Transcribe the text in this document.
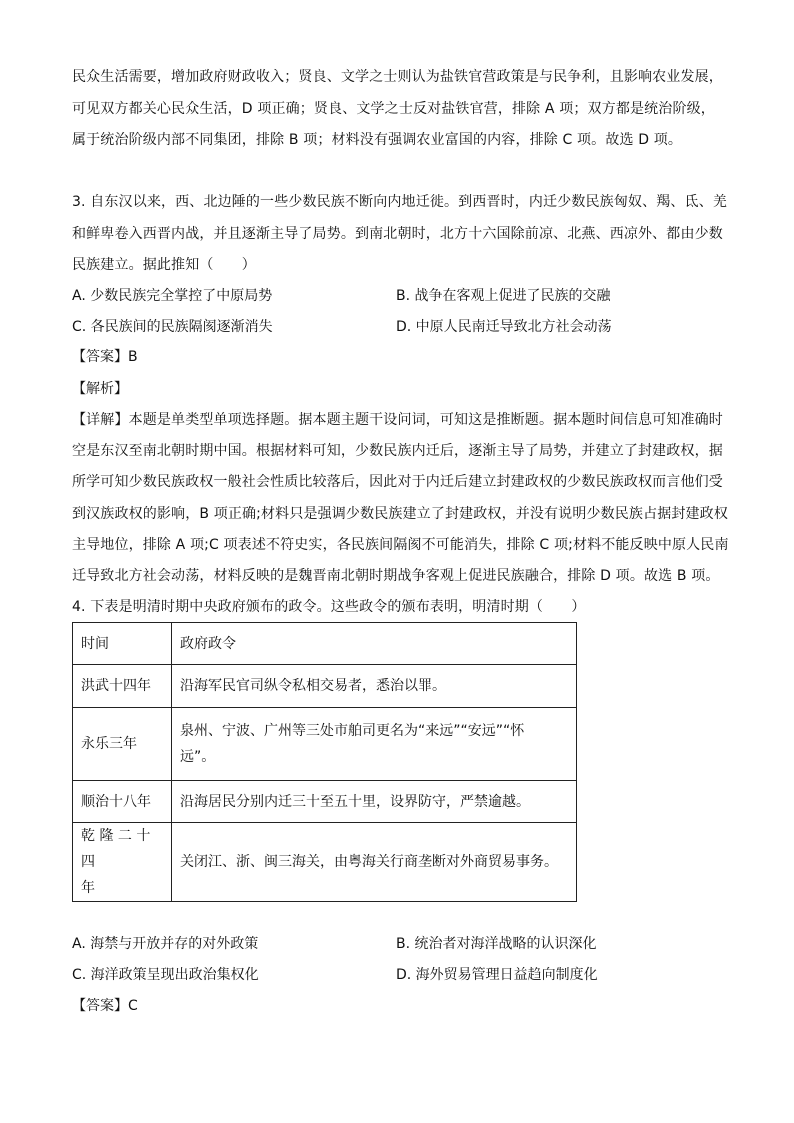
民众生活需要，增加政府财政收入；贤良、文学之士则认为盐铁官营政策是与民争利，且影响农业发展，
可见双方都关心民众生活，D 项正确；贤良、文学之士反对盐铁官营，排除 A 项；双方都是统治阶级，
属于统治阶级内部不同集团，排除 B 项；材料没有强调农业富国的内容，排除 C 项。故选 D 项。
3. 自东汉以来，西、北边陲的一些少数民族不断向内地迁徙。到西晋时，内迁少数民族匈奴、羯、氐、羌
和鲜卑卷入西晋内战，并且逐渐主导了局势。到南北朝时，北方十六国除前凉、北燕、西凉外、都由少数
民族建立。据此推知（　　）
A. 少数民族完全掌控了中原局势	B. 战争在客观上促进了民族的交融
C. 各民族间的民族隔阂逐渐消失	D. 中原人民南迁导致北方社会动荡
【答案】B
【解析】
【详解】本题是单类型单项选择题。据本题主题干设问词，可知这是推断题。据本题时间信息可知准确时
空是东汉至南北朝时期中国。根据材料可知，少数民族内迁后，逐渐主导了局势，并建立了封建政权，据
所学可知少数民族政权一般社会性质比较落后，因此对于内迁后建立封建政权的少数民族政权而言他们受
到汉族政权的影响，B 项正确;材料只是强调少数民族建立了封建政权，并没有说明少数民族占据封建政权
主导地位，排除 A 项;C 项表述不符史实，各民族间隔阂不可能消失，排除 C 项;材料不能反映中原人民南
迁导致北方社会动荡，材料反映的是魏晋南北朝时期战争客观上促进民族融合，排除 D 项。故选 B 项。
4. 下表是明清时期中央政府颁布的政令。这些政令的颁布表明，明清时期（　　）
时间	政府政令
洪武十四年	沿海军民官司纵令私相交易者，悉治以罪。
永乐三年	泉州、宁波、广州等三处市舶司更名为“来远”“安远”“怀
远”。

顺治十八年	沿海居民分别内迁三十至五十里，设界防守，严禁逾越。

乾 隆 二 十 四
年	关闭江、浙、闽三海关，由粤海关行商垄断对外商贸易事务。
A. 海禁与开放并存的对外政策	B. 统治者对海洋战略的认识深化
C. 海洋政策呈现出政治集权化	D. 海外贸易管理日益趋向制度化
【答案】C
